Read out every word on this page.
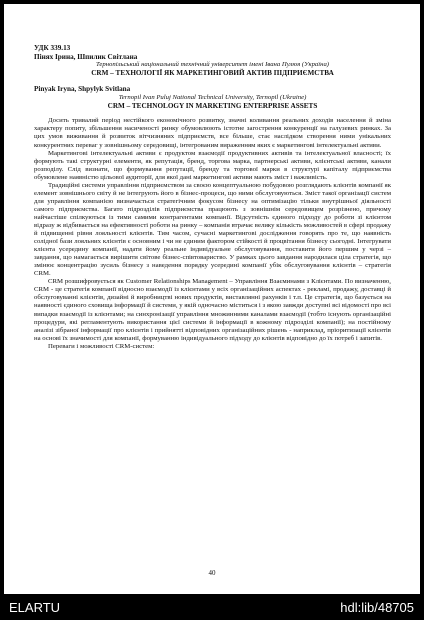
УДК 339.13
Пінях Ірина, Шпилик Світлана
Тернопільський національний технічний університет імені Івана Пулюя (Україна)
CRM – ТЕХНОЛОГІЇ ЯК МАРКЕТИНГОВИЙ АКТИВ ПІДПРИЄМСТВА
Pinyak Iryna, Shpylyk Svitlana
Ternopil Ivan Puluj National Technical University, Ternopil (Ukraine)
CRM – TECHNOLOGY IN MARKETING ENTERPRISE ASSETS

Досить тривалий період нестійкого економічного розвитку, значні коливання реальних доходів населення й зміна характеру попиту, збільшення насиченості ринку обумовлюють істотне загострення конкуренції на галузевих ринках. За цих умов виживання й розвиток вітчизняних підприємств, все більше, стає наслідком створення ними унікальних конкурентних переваг у зовнішньому середовищі, інтегрованим вираженням яких є маркетингові інтелектуальні активи.

Маркетингові інтелектуальні активи є продуктом взаємодії продуктивних активів та інтелектуальної власності; їх формують такі структурні елементи, як репутація, бренд, торгова марка, партнерські активи, клієнтські активи, канали розподілу. Слід визнати, що формування репутації, бренду та торгової марки в структурі капіталу підприємства обумовлене наявністю цільової аудиторії, для якої дані маркетингові активи мають зміст і важливість.

Традиційні системи управління підприємством за своєю концептуальною побудовою розглядають клієнтів компанії як елемент зовнішнього світу й не інтегрують його в бізнес-процеси, що ними обслуговуються. Зміст такої організації систем для управління компанією визначається стратегічним фокусом бізнесу на оптимізацію тільки внутрішньої діяльності самого підприємства. Багато підрозділів підприємства працюють з зовнішнім середовищем розрізнено, причому найчастіше спілкуються із тими самими контрагентами компанії. Відсутність єдиного підходу до роботи зі клієнтом відразу ж відбивається на ефективності роботи на ринку – компанія втрачає велику кількість можливостей в сфері продажу й підвищенні рівня лояльності клієнтів. Тим часом, сучасні маркетингові дослідження говорять про те, що наявність солідної бази лояльних клієнтів є основним і чи не єдиним фактором стійкості й процвітання бізнесу сьогодні. Інтегрувати клієнта усередину компанії, надати йому реальне індивідуальне обслуговування, поставити його першим у черзі – завдання, що намагається вирішити світове бізнес-співтовариство. У рамках цього завдання народилася ціла стратегія, що змінює концентрацію зусиль бізнесу з наведення порядку усередині компанії убік обслуговування клієнтів – стратегія CRM.

CRM розшифровується як Customer Relationships Management – Управління Взаєминами з Клієнтами. По визначенню, CRM - це стратегія компанії відносно взаємодії із клієнтами у всіх організаційних аспектах - рекламі, продажу, доставці й обслуговуванні клієнтів, дизайні й виробництві нових продуктів, виставлянні рахунків і т.п. Це стратегія, що базується на наявності єдиного сховища інформації й системи, у якій одночасно міститься і з якою завжди доступні всі відомості про всі випадки взаємодії із клієнтами; на синхронізації управління множинними каналами взаємодії (тобто існують організаційні процедури, які регламентують використання цієї системи й інформації в кожному підрозділі компанії); на постійному аналізі зібраної інформації про клієнтів і прийнятті відповідних організаційних рішень - наприклад, пріоритизації клієнтів на основі їх значимості для компанії, формуванню індивідуального підходу до клієнтів відповідно до їх потреб і запитів.

Переваги і можливості CRM-систем:

40
ELARTU	hdl:lib/48705
